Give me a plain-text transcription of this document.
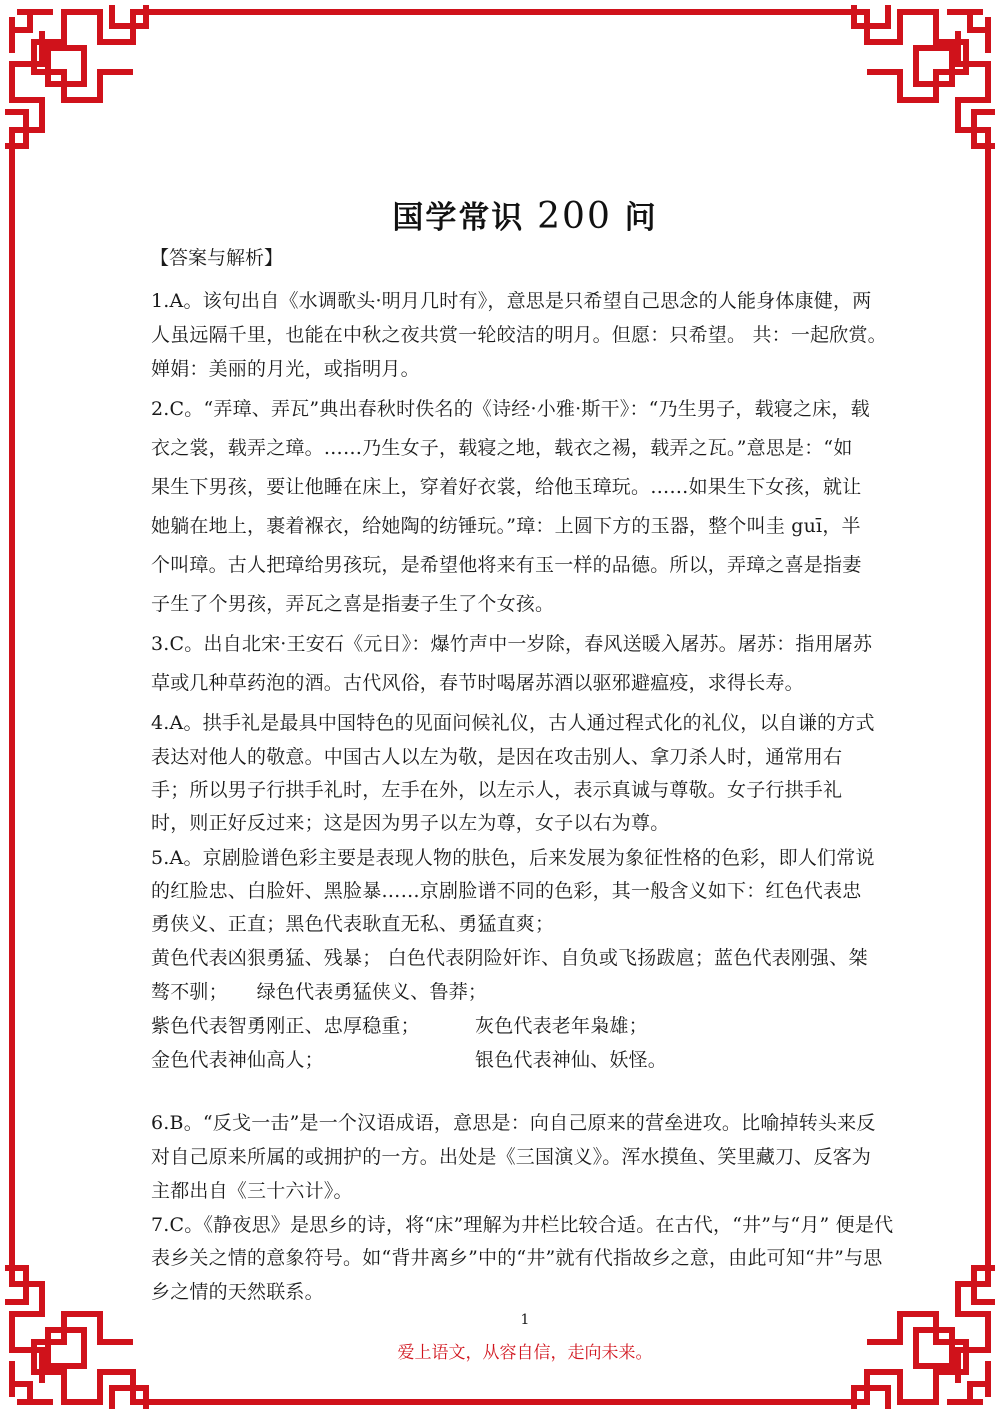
国学常识 200 问
【答案与解析】
1.A。该句出自《水调歌头·明月几时有》，意思是只希望自己思念的人能身体康健，两
人虽远隔千里，也能在中秋之夜共赏一轮皎洁的明月。但愿：只希望。 共：一起欣赏。
婵娟：美丽的月光，或指明月。
2.C。“弄璋、弄瓦”典出春秋时佚名的《诗经·小雅·斯干》：“乃生男子，载寝之床，载
衣之裳，载弄之璋。……乃生女子，载寝之地，载衣之裼，载弄之瓦。”意思是：“如
果生下男孩，要让他睡在床上，穿着好衣裳，给他玉璋玩。……如果生下女孩，就让
她躺在地上，裹着褓衣，给她陶的纺锤玩。”璋：上圆下方的玉器，整个叫圭 guī，半
个叫璋。古人把璋给男孩玩，是希望他将来有玉一样的品德。所以，弄璋之喜是指妻
子生了个男孩，弄瓦之喜是指妻子生了个女孩。
3.C。出自北宋·王安石《元日》：爆竹声中一岁除，春风送暖入屠苏。屠苏：指用屠苏
草或几种草药泡的酒。古代风俗，春节时喝屠苏酒以驱邪避瘟疫，求得长寿。
4.A。拱手礼是最具中国特色的见面问候礼仪，古人通过程式化的礼仪，以自谦的方式
表达对他人的敬意。中国古人以左为敬，是因在攻击别人、拿刀杀人时，通常用右
手；所以男子行拱手礼时，左手在外，以左示人，表示真诚与尊敬。女子行拱手礼
时，则正好反过来；这是因为男子以左为尊，女子以右为尊。
5.A。京剧脸谱色彩主要是表现人物的肤色，后来发展为象征性格的色彩，即人们常说
的红脸忠、白脸奸、黑脸暴……京剧脸谱不同的色彩，其一般含义如下：红色代表忠
勇侠义、正直；黑色代表耿直无私、勇猛直爽；
黄色代表凶狠勇猛、残暴； 白色代表阴险奸诈、自负或飞扬跋扈；蓝色代表刚强、桀
骜不驯；　　绿色代表勇猛侠义、鲁莽；
紫色代表智勇刚正、忠厚稳重；	灰色代表老年枭雄；
金色代表神仙高人；	银色代表神仙、妖怪。
6.B。“反戈一击”是一个汉语成语，意思是：向自己原来的营垒进攻。比喻掉转头来反
对自己原来所属的或拥护的一方。出处是《三国演义》。浑水摸鱼、笑里藏刀、反客为
主都出自《三十六计》。
7.C。《静夜思》是思乡的诗，将“床”理解为井栏比较合适。在古代，“井”与“月” 便是代
表乡关之情的意象符号。如“背井离乡”中的“井”就有代指故乡之意，由此可知“井”与思
乡之情的天然联系。
1
爱上语文，从容自信，走向未来。
